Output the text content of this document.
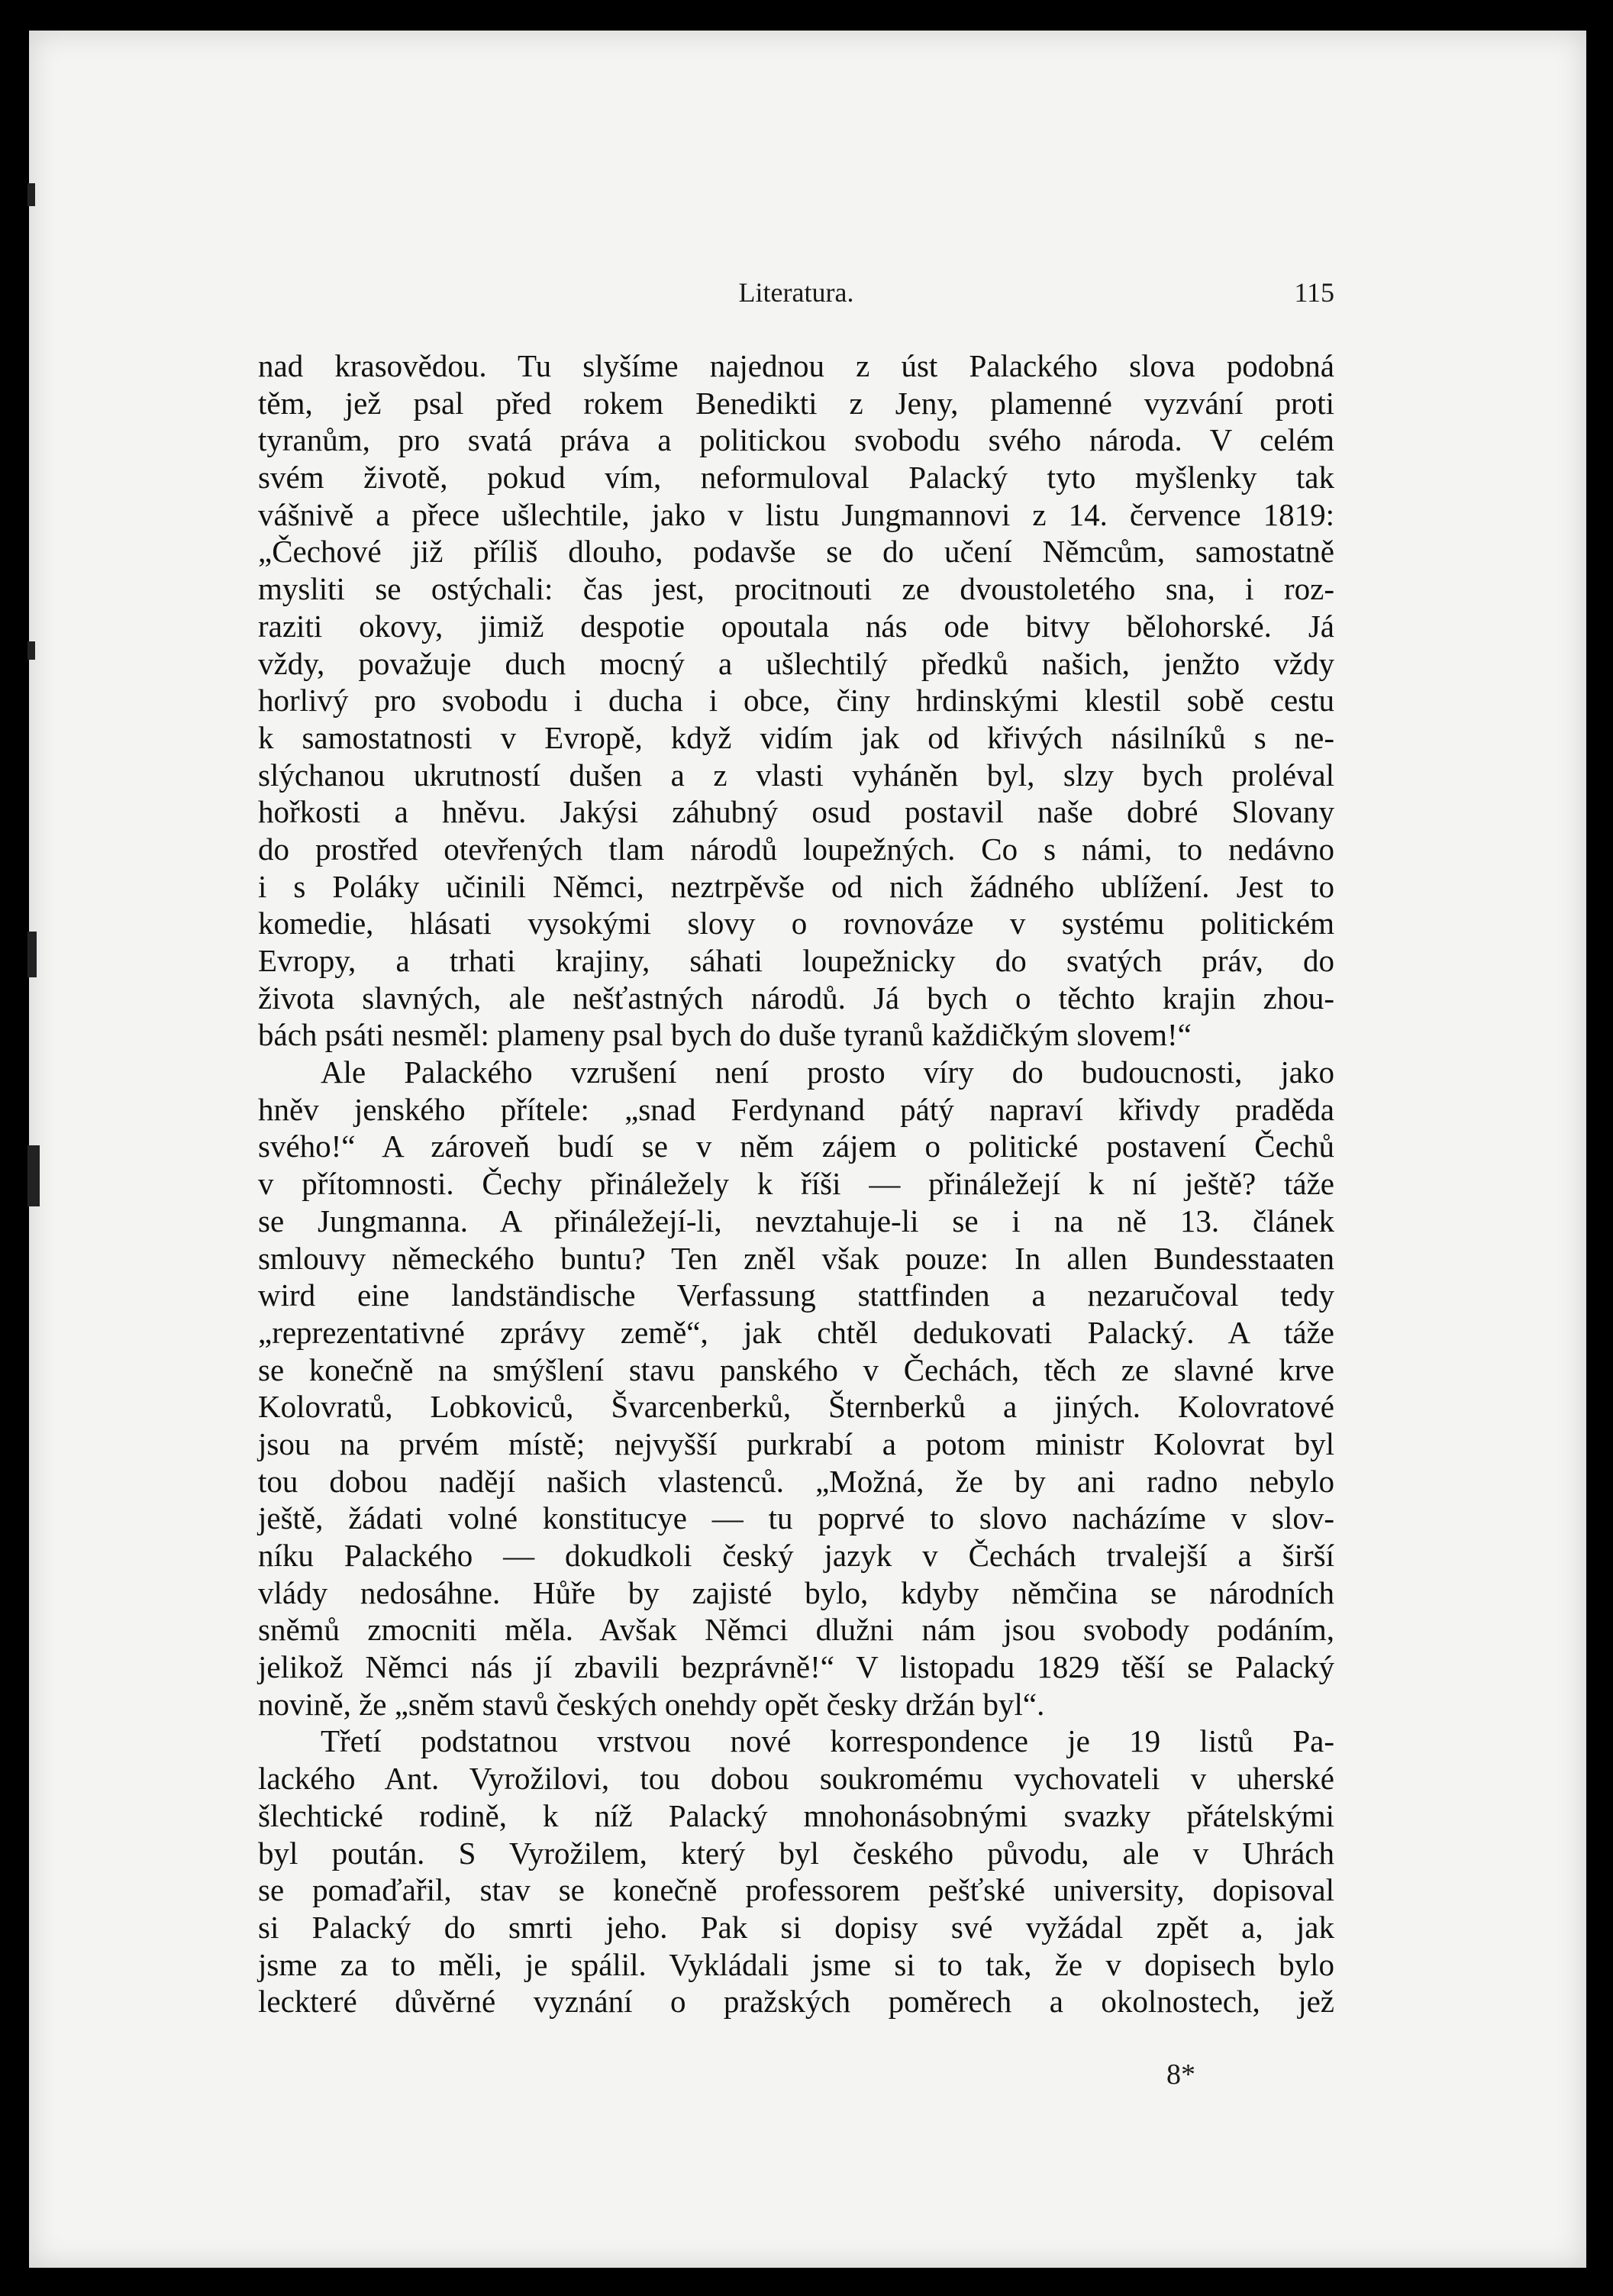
Literatura.	115
nad krasovědou. Tu slyšíme najednou z úst Palackého slova podobná
těm, jež psal před rokem Benedikti z Jeny, plamenné vyzvání proti
tyranům, pro svatá práva a politickou svobodu svého národa. V celém
svém životě, pokud vím, neformuloval Palacký tyto myšlenky tak
vášnivě a přece ušlechtile, jako v listu Jungmannovi z 14. července 1819:
„Čechové již příliš dlouho, podavše se do učení Němcům, samostatně
mysliti se ostýchali: čas jest, procitnouti ze dvoustoletého sna, i roz-
raziti okovy, jimiž despotie opoutala nás ode bitvy bělohorské. Já
vždy, považuje duch mocný a ušlechtilý předků našich, jenžto vždy
horlivý pro svobodu i ducha i obce, činy hrdinskými klestil sobě cestu
k samostatnosti v Evropě, když vidím jak od křivých násilníků s ne-
slýchanou ukrutností dušen a z vlasti vyháněn byl, slzy bych proléval
hořkosti a hněvu. Jakýsi záhubný osud postavil naše dobré Slovany
do prostřed otevřených tlam národů loupežných. Co s námi, to nedávno
i s Poláky učinili Němci, neztrpěvše od nich žádného ublížení. Jest to
komedie, hlásati vysokými slovy o rovnováze v systému politickém
Evropy, a trhati krajiny, sáhati loupežnicky do svatých práv, do
života slavných, ale nešťastných národů. Já bych o těchto krajin zhou-
bách psáti nesměl: plameny psal bych do duše tyranů každičkým slovem!“
Ale Palackého vzrušení není prosto víry do budoucnosti, jako
hněv jenského přítele: „snad Ferdynand pátý napraví křivdy praděda
svého!“ A zároveň budí se v něm zájem o politické postavení Čechů
v přítomnosti. Čechy přináležely k říši — přináležejí k ní ještě? táže
se Jungmanna. A přináležejí-li, nevztahuje-li se i na ně 13. článek
smlouvy německého buntu? Ten zněl však pouze: In allen Bundesstaaten
wird eine landständische Verfassung stattfinden a nezaručoval tedy
„reprezentativné zprávy země“, jak chtěl dedukovati Palacký. A táže
se konečně na smýšlení stavu panského v Čechách, těch ze slavné krve
Kolovratů, Lobkoviců, Švarcenberků, Šternberků a jiných. Kolovratové
jsou na prvém místě; nejvyšší purkrabí a potom ministr Kolovrat byl
tou dobou nadějí našich vlastenců. „Možná, že by ani radno nebylo
ještě, žádati volné konstitucye — tu poprvé to slovo nacházíme v slov-
níku Palackého — dokudkoli český jazyk v Čechách trvalejší a širší
vlády nedosáhne. Hůře by zajisté bylo, kdyby němčina se národních
sněmů zmocniti měla. Avšak Němci dlužni nám jsou svobody podáním,
jelikož Němci nás jí zbavili bezprávně!“ V listopadu 1829 těší se Palacký
novině, že „sněm stavů českých onehdy opět česky držán byl“.
Třetí podstatnou vrstvou nové korrespondence je 19 listů Pa-
lackého Ant. Vyrožilovi, tou dobou soukromému vychovateli v uherské
šlechtické rodině, k níž Palacký mnohonásobnými svazky přátelskými
byl poután. S Vyrožilem, který byl českého původu, ale v Uhrách
se pomaďařil, stav se konečně professorem pešťské university, dopisoval
si Palacký do smrti jeho. Pak si dopisy své vyžádal zpět a, jak
jsme za to měli, je spálil. Vykládali jsme si to tak, že v dopisech bylo
leckteré důvěrné vyznání o pražských poměrech a okolnostech, jež
8*
